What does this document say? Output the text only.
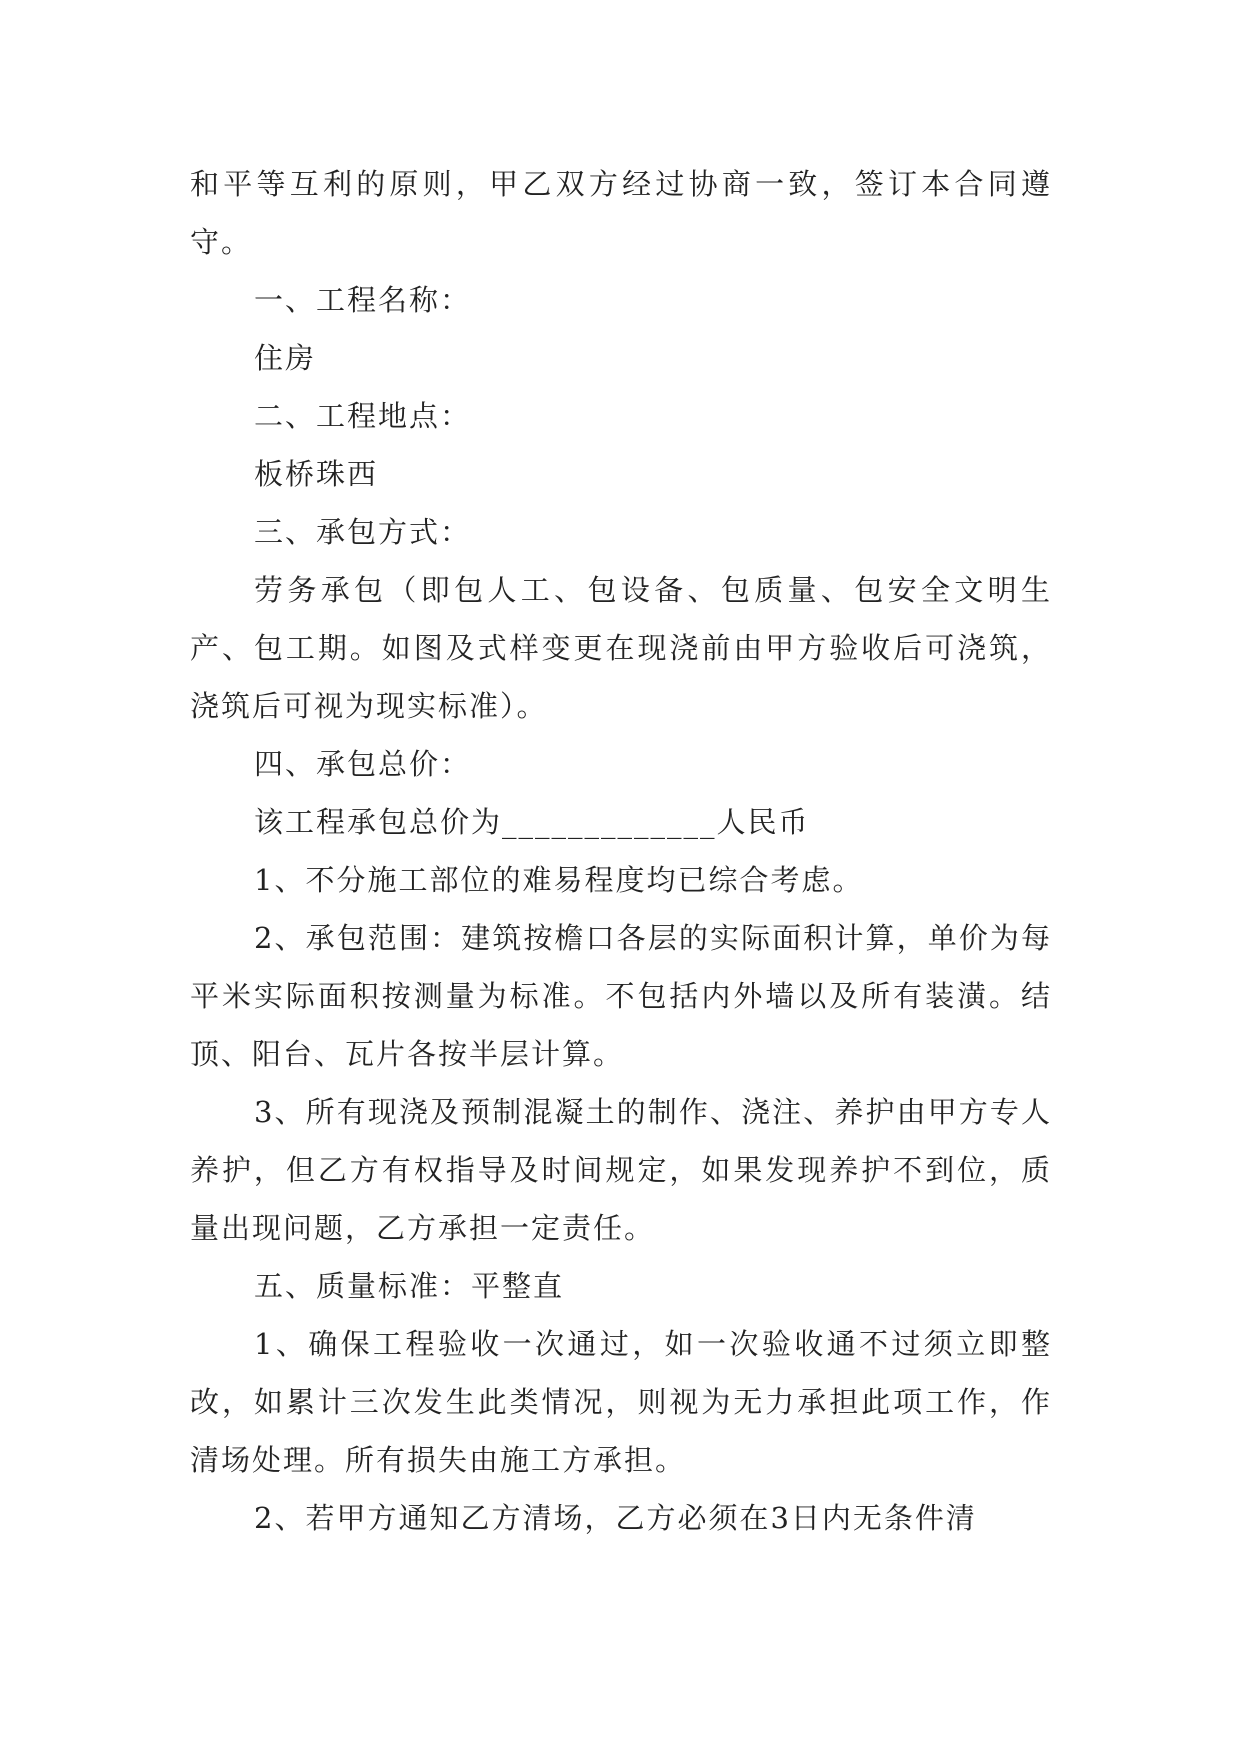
和平等互利的原则，甲乙双方经过协商一致，签订本合同遵守。

一、工程名称：

住房

二、工程地点：

板桥珠西

三、承包方式：

劳务承包（即包人工、包设备、包质量、包安全文明生产、包工期。如图及式样变更在现浇前由甲方验收后可浇筑，浇筑后可视为现实标准）。

四、承包总价：

该工程承包总价为_____________人民币

1、不分施工部位的难易程度均已综合考虑。

2、承包范围：建筑按檐口各层的实际面积计算，单价为每平米实际面积按测量为标准。不包括内外墙以及所有装潢。结顶、阳台、瓦片各按半层计算。

3、所有现浇及预制混凝土的制作、浇注、养护由甲方专人养护，但乙方有权指导及时间规定，如果发现养护不到位，质量出现问题，乙方承担一定责任。

五、质量标准：平整直

1、确保工程验收一次通过，如一次验收通不过须立即整改，如累计三次发生此类情况，则视为无力承担此项工作，作清场处理。所有损失由施工方承担。

2、若甲方通知乙方清场，乙方必须在3日内无条件清
